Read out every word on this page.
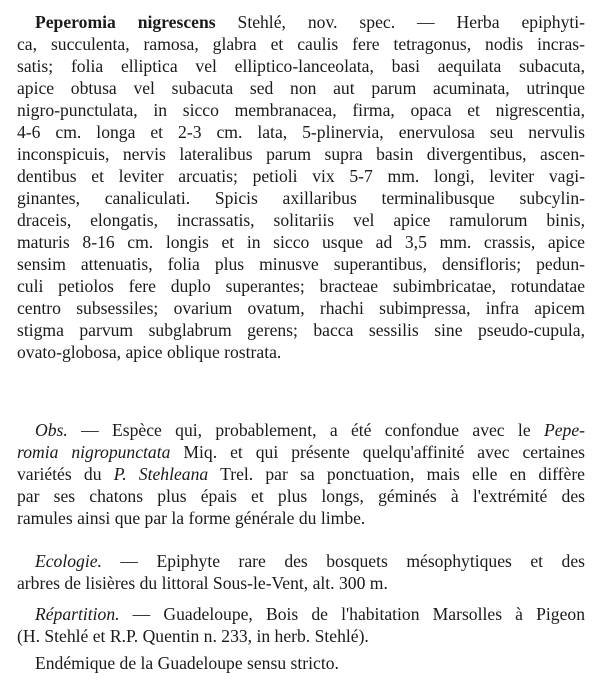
Peperomia nigrescens Stehlé, nov. spec. — Herba epiphyti-
ca, succulenta, ramosa, glabra et caulis fere tetragonus, nodis incras-
satis; folia elliptica vel elliptico-lanceolata, basi aequilata subacuta,
apice obtusa vel subacuta sed non aut parum acuminata, utrinque
nigro-punctulata, in sicco membranacea, firma, opaca et nigrescentia,
4-6 cm. longa et 2-3 cm. lata, 5-plinervia, enervulosa seu nervulis
inconspicuis, nervis lateralibus parum supra basin divergentibus, ascen-
dentibus et leviter arcuatis; petioli vix 5-7 mm. longi, leviter vagi-
ginantes, canaliculati. Spicis axillaribus terminalibusque subcylin-
draceis, elongatis, incrassatis, solitariis vel apice ramulorum binis,
maturis 8-16 cm. longis et in sicco usque ad 3,5 mm. crassis, apice
sensim attenuatis, folia plus minusve superantibus, densifloris; pedun-
culi petiolos fere duplo superantes; bracteae subimbricatae, rotundatae
centro subsessiles; ovarium ovatum, rhachi subimpressa, infra apicem
stigma parvum subglabrum gerens; bacca sessilis sine pseudo-cupula,
ovato-globosa, apice oblique rostrata.
Obs. — Espèce qui, probablement, a été confondue avec le Pepe-
romia nigropunctata Miq. et qui présente quelqu'affinité avec certaines
variétés du P. Stehleana Trel. par sa ponctuation, mais elle en diffère
par ses chatons plus épais et plus longs, géminés à l'extrémité des
ramules ainsi que par la forme générale du limbe.
Ecologie. — Epiphyte rare des bosquets mésophytiques et des
arbres de lisières du littoral Sous-le-Vent, alt. 300 m.
Répartition. — Guadeloupe, Bois de l'habitation Marsolles à Pigeon
(H. Stehlé et R.P. Quentin n. 233, in herb. Stehlé).
Endémique de la Guadeloupe sensu stricto.
